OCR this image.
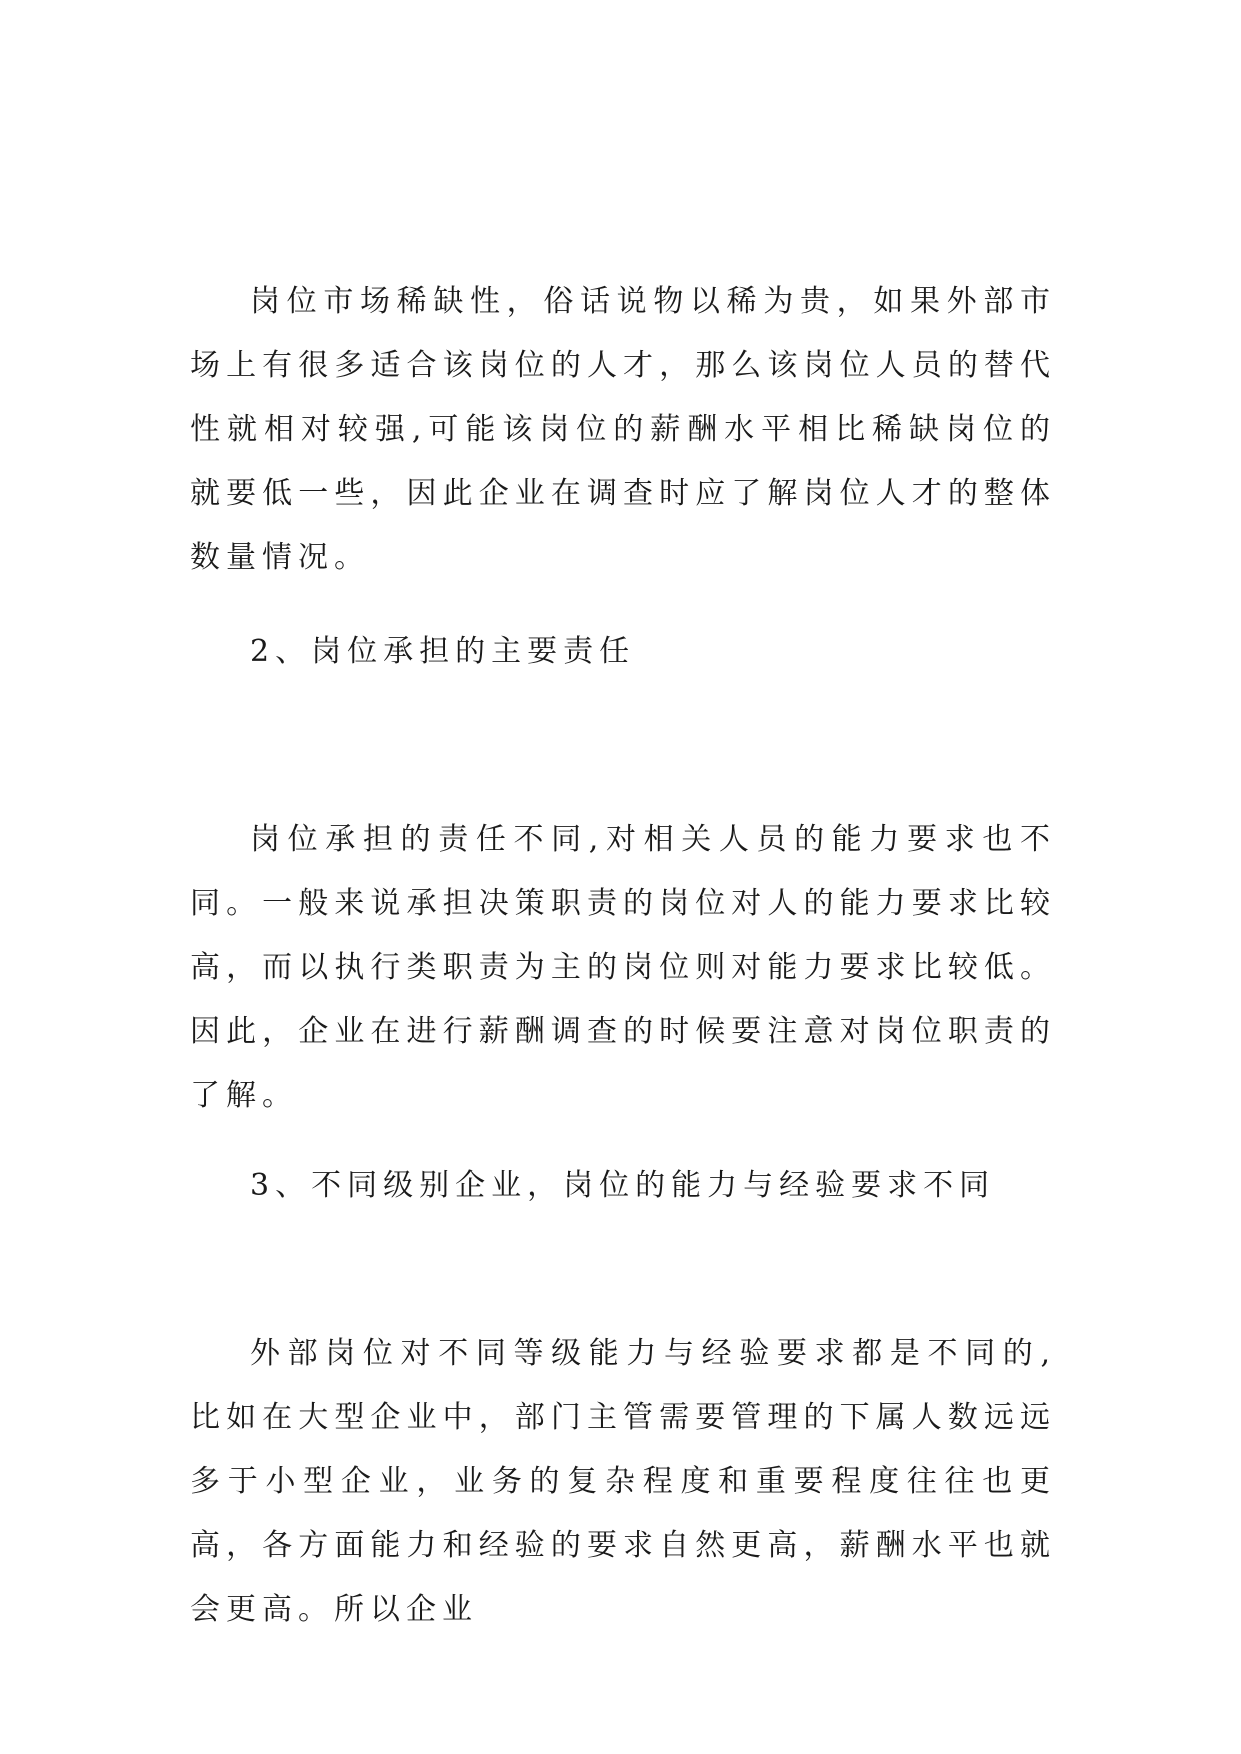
岗位市场稀缺性，俗话说物以稀为贵，如果外部市场上有很多适合该岗位的人才，那么该岗位人员的替代性就相对较强,可能该岗位的薪酬水平相比稀缺岗位的就要低一些，因此企业在调查时应了解岗位人才的整体数量情况。

2、岗位承担的主要责任

岗位承担的责任不同,对相关人员的能力要求也不同。一般来说承担决策职责的岗位对人的能力要求比较高，而以执行类职责为主的岗位则对能力要求比较低。因此，企业在进行薪酬调查的时候要注意对岗位职责的了解。

3、不同级别企业，岗位的能力与经验要求不同

外部岗位对不同等级能力与经验要求都是不同的,比如在大型企业中，部门主管需要管理的下属人数远远多于小型企业，业务的复杂程度和重要程度往往也更高，各方面能力和经验的要求自然更高，薪酬水平也就会更高。所以企业
